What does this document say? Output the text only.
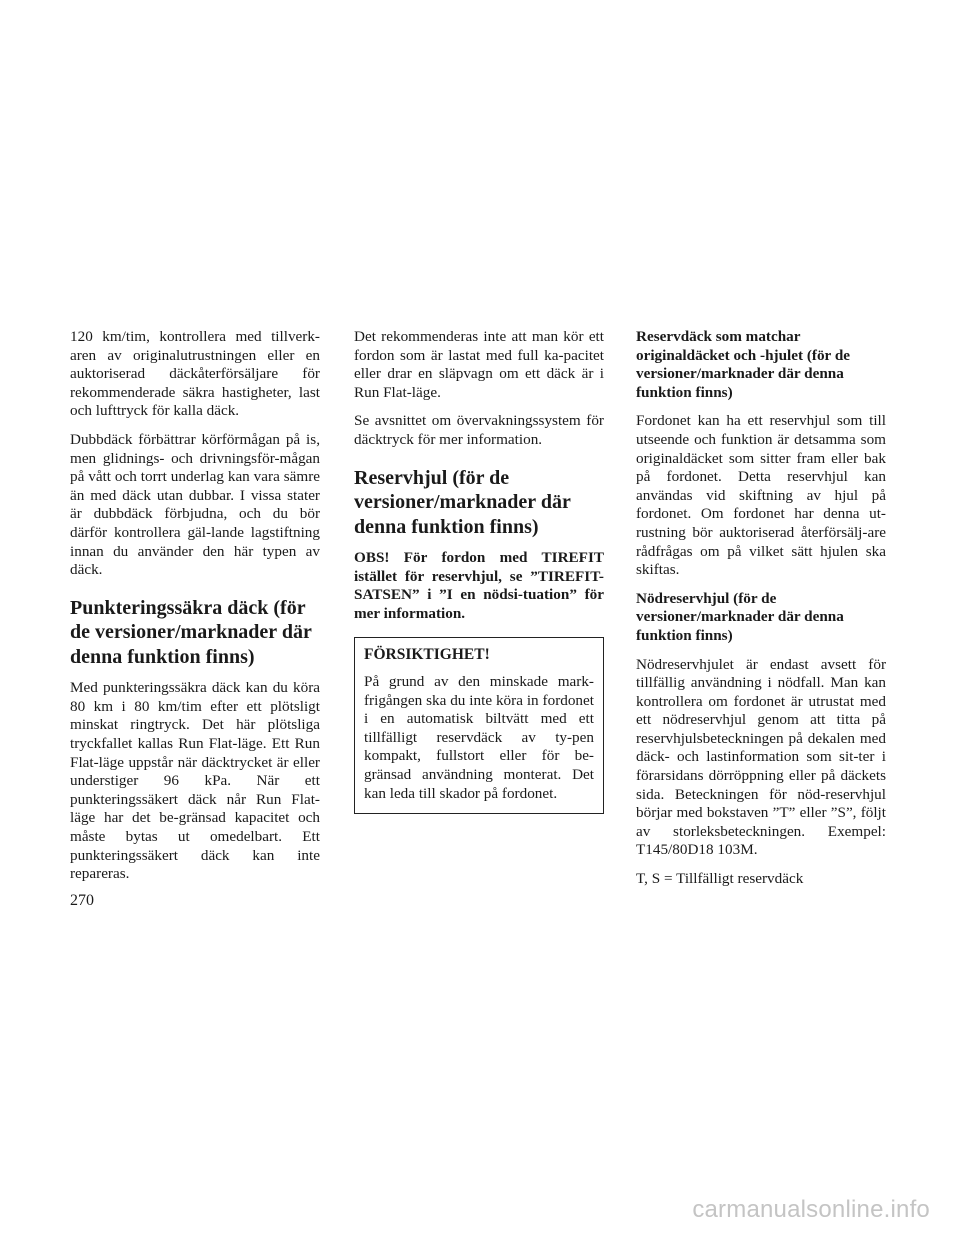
120 km/tim, kontrollera med tillverk-aren av originalutrustningen eller en auktoriserad däckåterförsäljare för rekommenderade säkra hastigheter, last och lufttryck för kalla däck.

Dubbdäck förbättrar körförmågan på is, men glidnings- och drivningsför-mågan på vått och torrt underlag kan vara sämre än med däck utan dubbar. I vissa stater är dubbdäck förbjudna, och du bör därför kontrollera gäl-lande lagstiftning innan du använder den här typen av däck.

Punkteringssäkra däck (för de versioner/marknader där denna funktion finns)

Med punkteringssäkra däck kan du köra 80 km i 80 km/tim efter ett plötsligt minskat ringtryck. Det här plötsliga tryckfallet kallas Run Flat-läge. Ett Run Flat-läge uppstår när däcktrycket är eller understiger 96 kPa. När ett punkteringssäkert däck når Run Flat-läge har det be-gränsad kapacitet och måste bytas ut omedelbart. Ett punkteringssäkert däck kan inte repareras.

Det rekommenderas inte att man kör ett fordon som är lastat med full ka-pacitet eller drar en släpvagn om ett däck är i Run Flat-läge.

Se avsnittet om övervakningssystem för däcktryck för mer information.

Reservhjul (för de versioner/marknader där denna funktion finns)

OBS! För fordon med TIREFIT istället för reservhjul, se ”TIREFIT-SATSEN” i ”I en nödsi-tuation” för mer information.

FÖRSIKTIGHET!

På grund av den minskade mark-frigången ska du inte köra in fordonet i en automatisk biltvätt med ett tillfälligt reservdäck av ty-pen kompakt, fullstort eller för be-gränsad användning monterat. Det kan leda till skador på fordonet.

Reservdäck som matchar originaldäcket och -hjulet (för de versioner/marknader där denna funktion finns)

Fordonet kan ha ett reservhjul som till utseende och funktion är detsamma som originaldäcket som sitter fram eller bak på fordonet. Detta reservhjul kan användas vid skiftning av hjul på fordonet. Om fordonet har denna ut-rustning bör auktoriserad återförsälj-are rådfrågas om på vilket sätt hjulen ska skiftas.

Nödreservhjul (för de versioner/marknader där denna funktion finns)

Nödreservhjulet är endast avsett för tillfällig användning i nödfall. Man kan kontrollera om fordonet är utrustat med ett nödreservhjul genom att titta på reservhjulsbeteckningen på dekalen med däck- och lastinformation som sit-ter i förarsidans dörröppning eller på däckets sida. Beteckningen för nöd-reservhjul börjar med bokstaven ”T” eller ”S”, följt av storleksbeteckningen. Exempel: T145/80D18 103M.

T, S = Tillfälligt reservdäck

270
carmanualsonline.info
